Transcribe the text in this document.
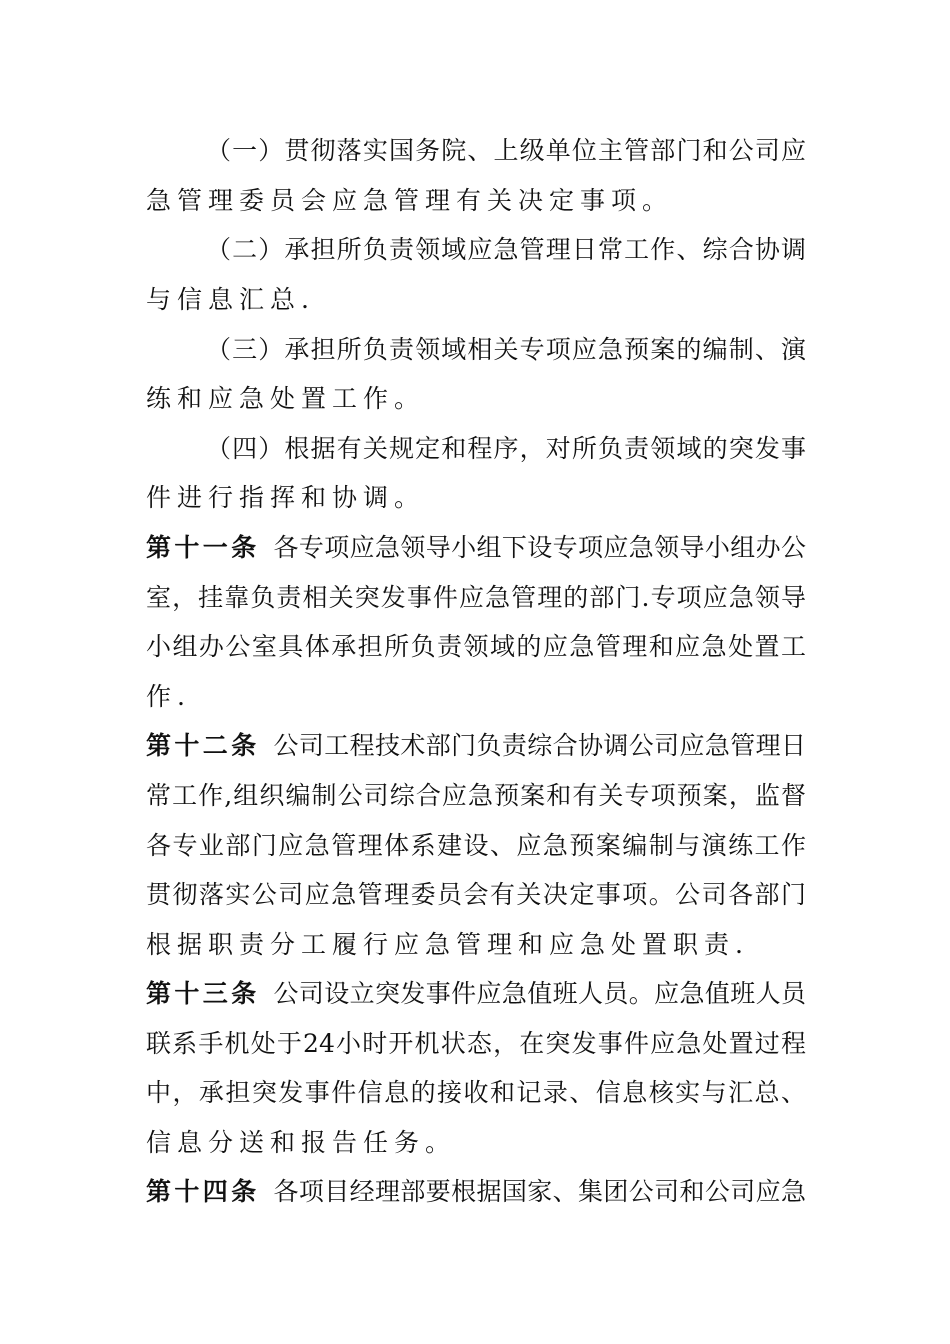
（一）贯彻落实国务院、上级单位主管部门和公司应
急管理委员会应急管理有关决定事项。
（二）承担所负责领域应急管理日常工作、综合协调
与信息汇总.
（三）承担所负责领域相关专项应急预案的编制、演
练和应急处置工作。
（四）根据有关规定和程序，对所负责领域的突发事
件进行指挥和协调。
第十一条 各专项应急领导小组下设专项应急领导小组办公
室，挂靠负责相关突发事件应急管理的部门.专项应急领导
小组办公室具体承担所负责领域的应急管理和应急处置工
作.
第十二条 公司工程技术部门负责综合协调公司应急管理日
常工作,组织编制公司综合应急预案和有关专项预案，监督
各专业部门应急管理体系建设、应急预案编制与演练工作
贯彻落实公司应急管理委员会有关决定事项。公司各部门
根据职责分工履行应急管理和应急处置职责.
第十三条 公司设立突发事件应急值班人员。应急值班人员
联系手机处于24小时开机状态，在突发事件应急处置过程
中，承担突发事件信息的接收和记录、信息核实与汇总、
信息分送和报告任务。
第十四条 各项目经理部要根据国家、集团公司和公司应急
